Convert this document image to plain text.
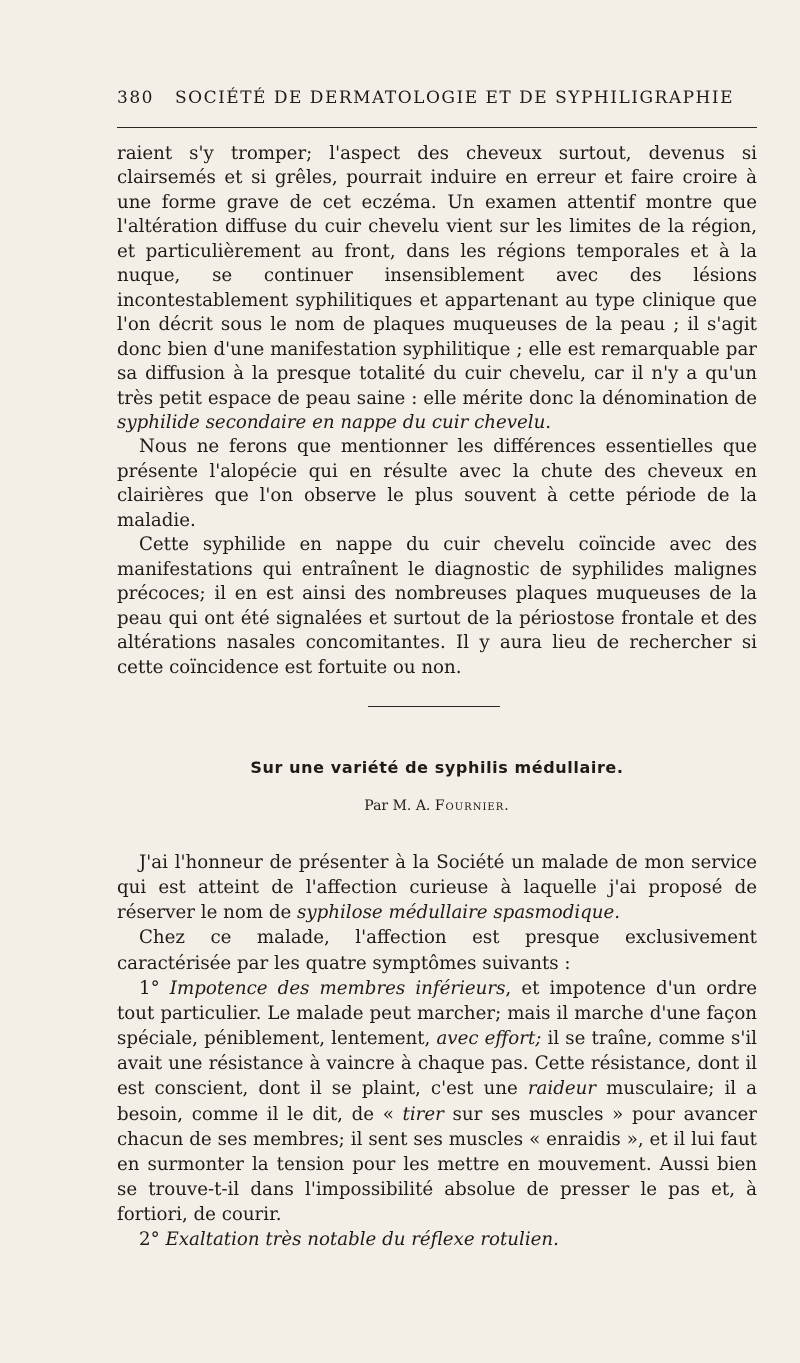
380 SOCIÉTÉ DE DERMATOLOGIE ET DE SYPHILIGRAPHIE

raient s'y tromper; l'aspect des cheveux surtout, devenus si clairsemés et si grêles, pourrait induire en erreur et faire croire à une forme grave de cet eczéma. Un examen attentif montre que l'altération diffuse du cuir chevelu vient sur les limites de la région, et particulièrement au front, dans les régions temporales et à la nuque, se continuer insensiblement avec des lésions incontestablement syphilitiques et appartenant au type clinique que l'on décrit sous le nom de plaques muqueuses de la peau ; il s'agit donc bien d'une manifestation syphilitique ; elle est remarquable par sa diffusion à la presque totalité du cuir chevelu, car il n'y a qu'un très petit espace de peau saine : elle mérite donc la dénomination de syphilide secondaire en nappe du cuir chevelu.

Nous ne ferons que mentionner les différences essentielles que présente l'alopécie qui en résulte avec la chute des cheveux en clairières que l'on observe le plus souvent à cette période de la maladie.

Cette syphilide en nappe du cuir chevelu coïncide avec des manifestations qui entraînent le diagnostic de syphilides malignes précoces; il en est ainsi des nombreuses plaques muqueuses de la peau qui ont été signalées et surtout de la périostose frontale et des altérations nasales concomitantes. Il y aura lieu de rechercher si cette coïncidence est fortuite ou non.

Sur une variété de syphilis médullaire.
Par M. A. Fournier.

J'ai l'honneur de présenter à la Société un malade de mon service qui est atteint de l'affection curieuse à laquelle j'ai proposé de réserver le nom de syphilose médullaire spasmodique.

Chez ce malade, l'affection est presque exclusivement caractérisée par les quatre symptômes suivants :

1° Impotence des membres inférieurs, et impotence d'un ordre tout particulier. Le malade peut marcher; mais il marche d'une façon spéciale, péniblement, lentement, avec effort; il se traîne, comme s'il avait une résistance à vaincre à chaque pas. Cette résistance, dont il est conscient, dont il se plaint, c'est une raideur musculaire; il a besoin, comme il le dit, de « tirer sur ses muscles » pour avancer chacun de ses membres; il sent ses muscles « enraidis », et il lui faut en surmonter la tension pour les mettre en mouvement. Aussi bien se trouve-t-il dans l'impossibilité absolue de presser le pas et, à fortiori, de courir.

2° Exaltation très notable du réflexe rotulien.
